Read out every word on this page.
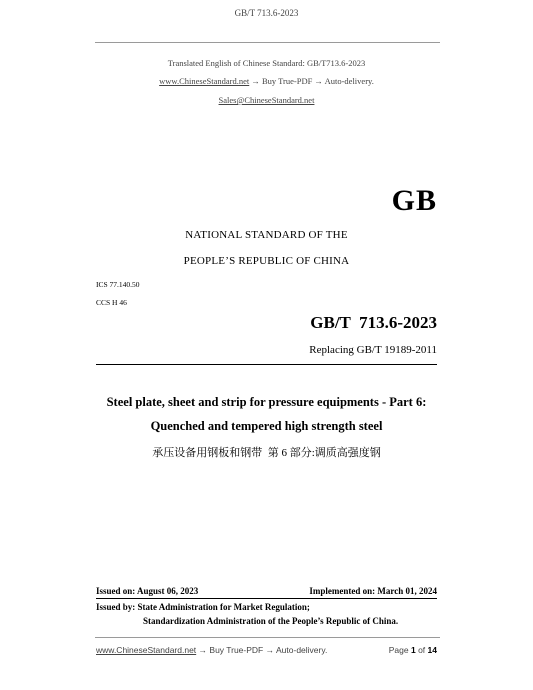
GB/T 713.6-2023
Translated English of Chinese Standard: GB/T713.6-2023
www.ChineseStandard.net → Buy True-PDF → Auto-delivery.
Sales@ChineseStandard.net
GB
NATIONAL STANDARD OF THE
PEOPLE’S REPUBLIC OF CHINA
ICS 77.140.50
CCS H 46
GB/T  713.6-2023
Replacing GB/T 19189-2011
Steel plate, sheet and strip for pressure equipments - Part 6:
Quenched and tempered high strength steel
承压设备用钢板和钢带  第 6 部分:调质高强度钢
Issued on: August 06, 2023	Implemented on: March 01, 2024
Issued by: State Administration for Market Regulation;
Standardization Administration of the People’s Republic of China.
www.ChineseStandard.net → Buy True-PDF → Auto-delivery.	Page 1 of 14
